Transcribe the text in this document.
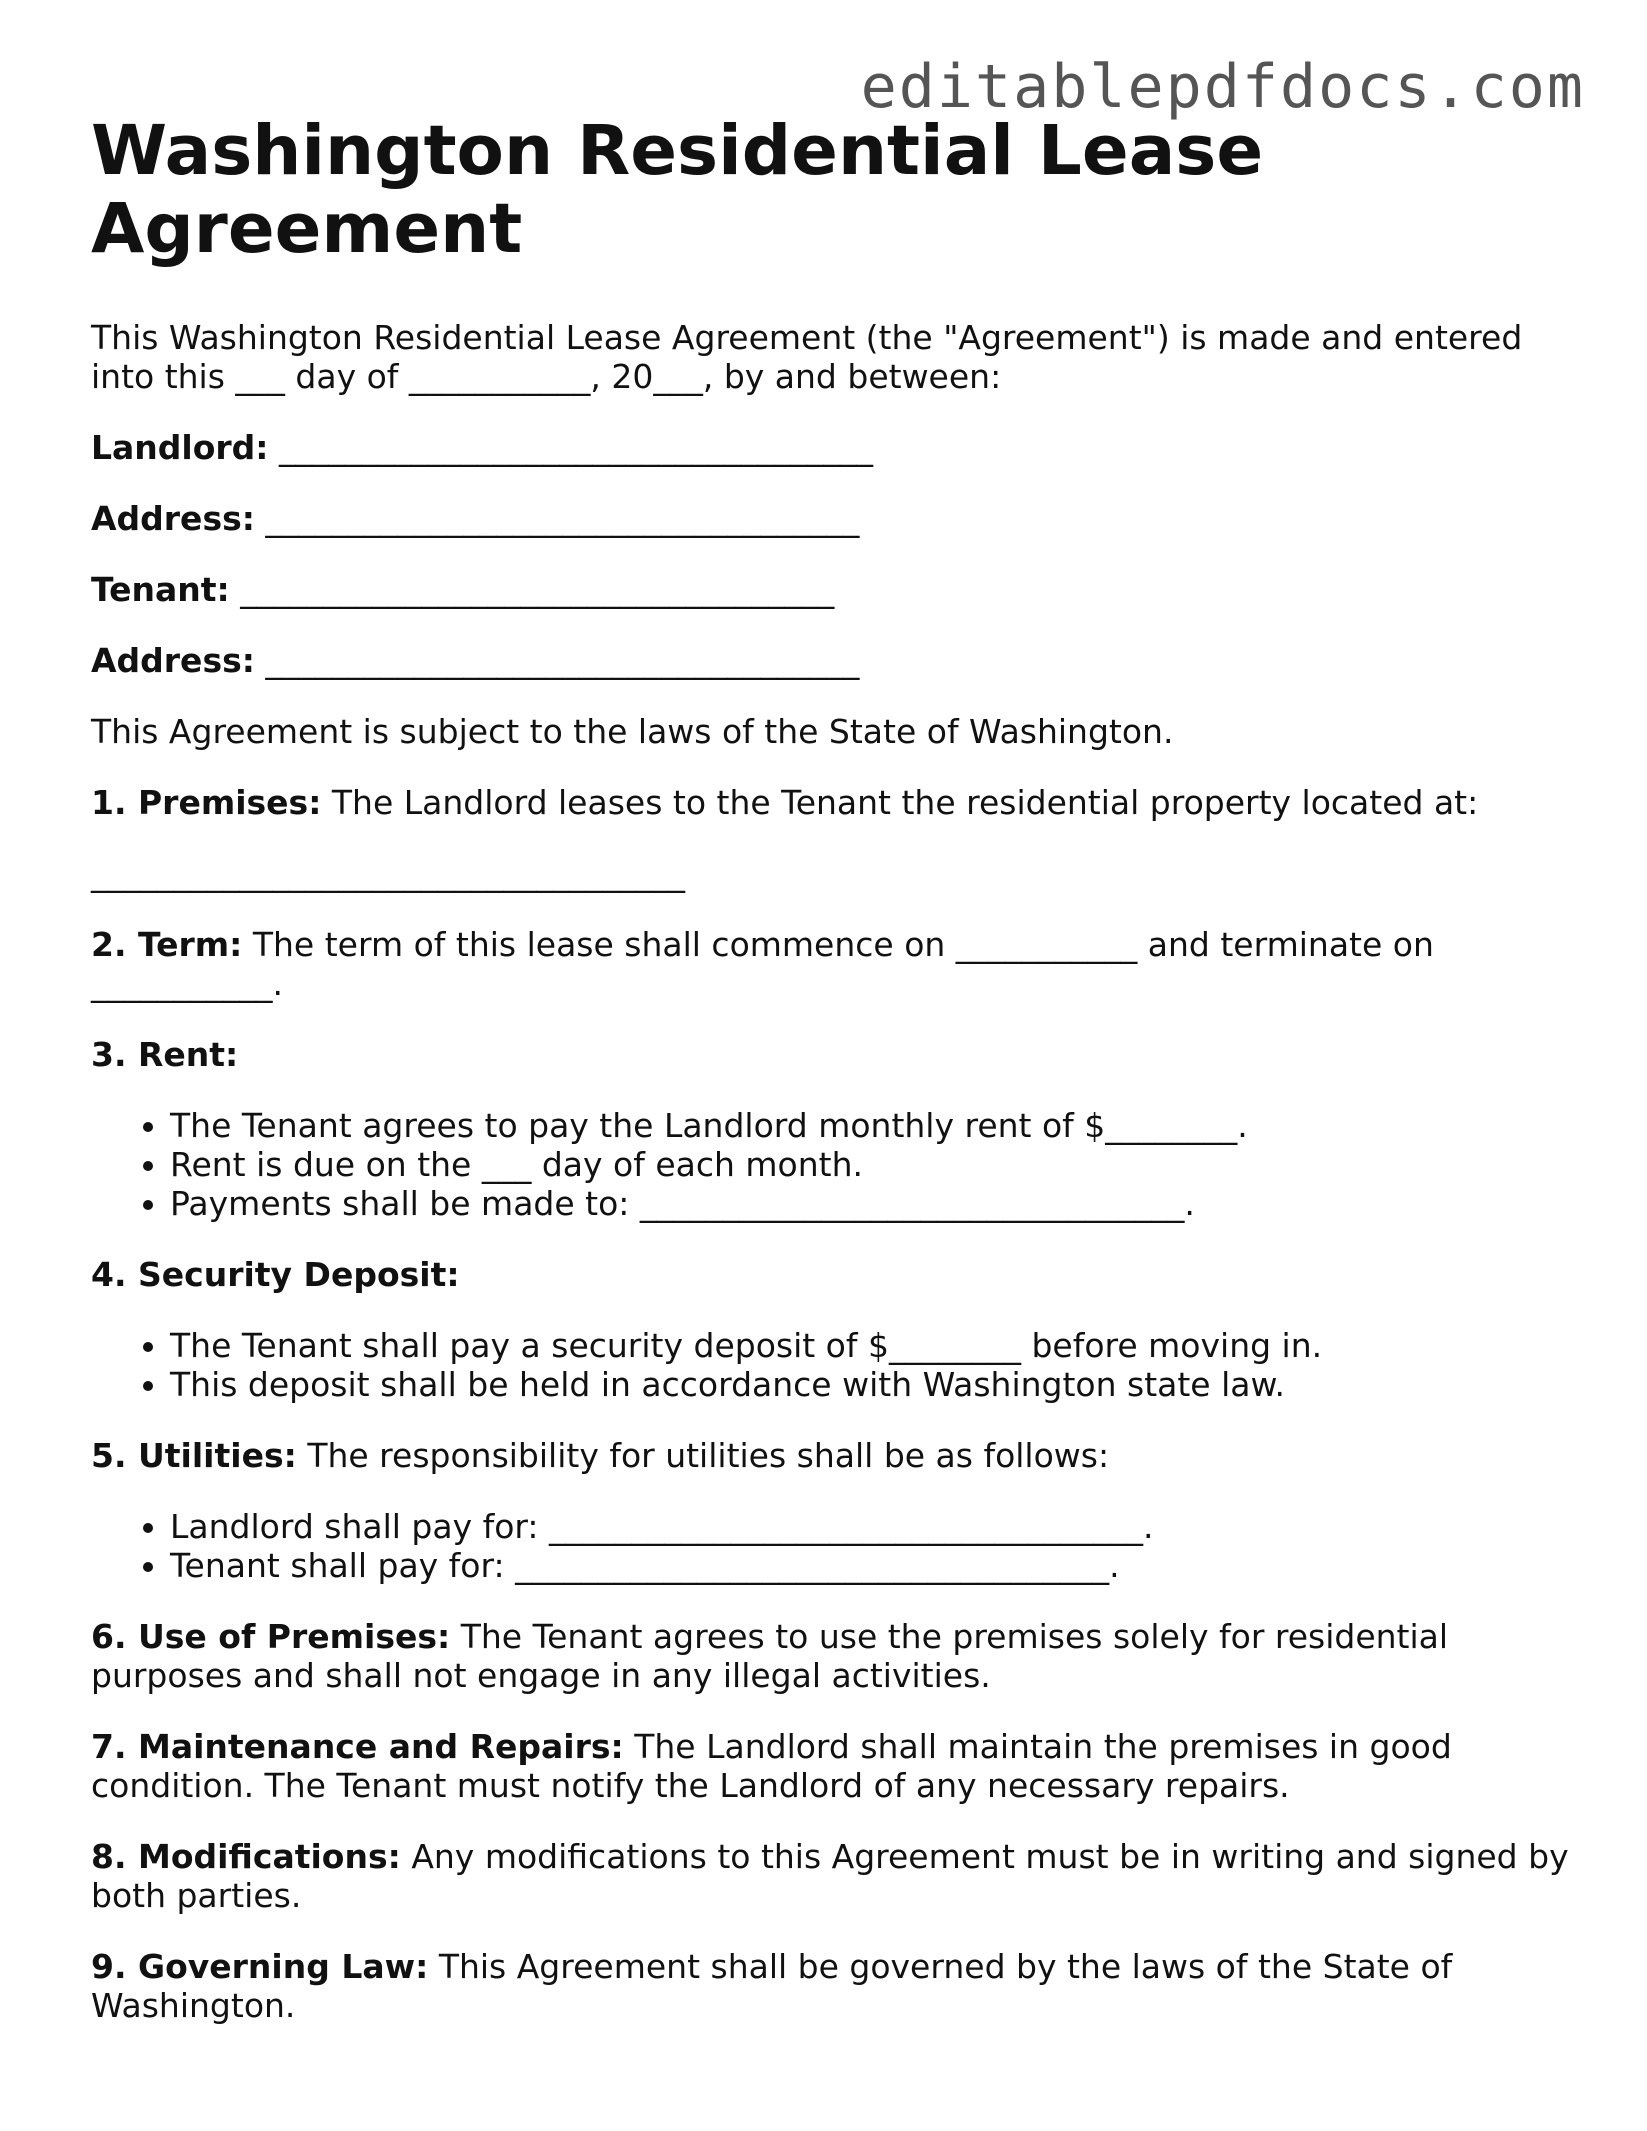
editablepdfdocs.com
Washington Residential Lease Agreement

This Washington Residential Lease Agreement (the "Agreement") is made and entered into this ___ day of ___________, 20___, by and between:

Landlord: ____________________________________

Address: ____________________________________

Tenant: ____________________________________

Address: ____________________________________

This Agreement is subject to the laws of the State of Washington.

1. Premises: The Landlord leases to the Tenant the residential property located at:

____________________________________

2. Term: The term of this lease shall commence on ___________ and terminate on ___________.

3. Rent:

• The Tenant agrees to pay the Landlord monthly rent of $________.
• Rent is due on the ___ day of each month.
• Payments shall be made to: _________________________________.

4. Security Deposit:

• The Tenant shall pay a security deposit of $________ before moving in.
• This deposit shall be held in accordance with Washington state law.

5. Utilities: The responsibility for utilities shall be as follows:

• Landlord shall pay for: ____________________________________.
• Tenant shall pay for: ____________________________________.

6. Use of Premises: The Tenant agrees to use the premises solely for residential purposes and shall not engage in any illegal activities.

7. Maintenance and Repairs: The Landlord shall maintain the premises in good condition. The Tenant must notify the Landlord of any necessary repairs.

8. Modifications: Any modifications to this Agreement must be in writing and signed by both parties.

9. Governing Law: This Agreement shall be governed by the laws of the State of Washington.
